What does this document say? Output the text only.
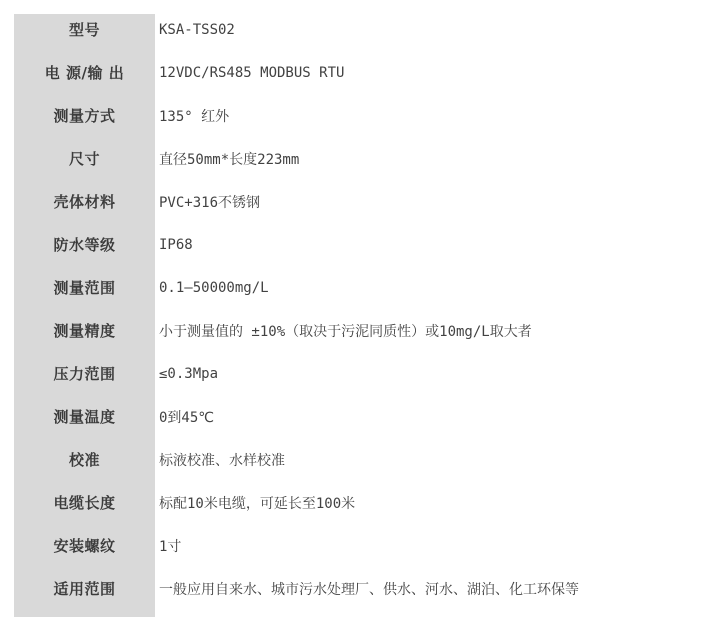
型号	KSA-TSS02
电 源/输 出	12VDC/RS485 MODBUS RTU
测量方式	135° 红外
尺寸	直径50mm*长度223mm
壳体材料	PVC+316不锈钢
防水等级	IP68
测量范围	0.1—50000mg/L
测量精度	小于测量值的 ±10%（取决于污泥同质性）或10mg/L取大者
压力范围	≤0.3Mpa
测量温度	0到45℃
校准	标液校准、水样校准
电缆长度	标配10米电缆，可延长至100米
安装螺纹	1寸
适用范围	一般应用自来水、城市污水处理厂、供水、河水、湖泊、化工环保等
